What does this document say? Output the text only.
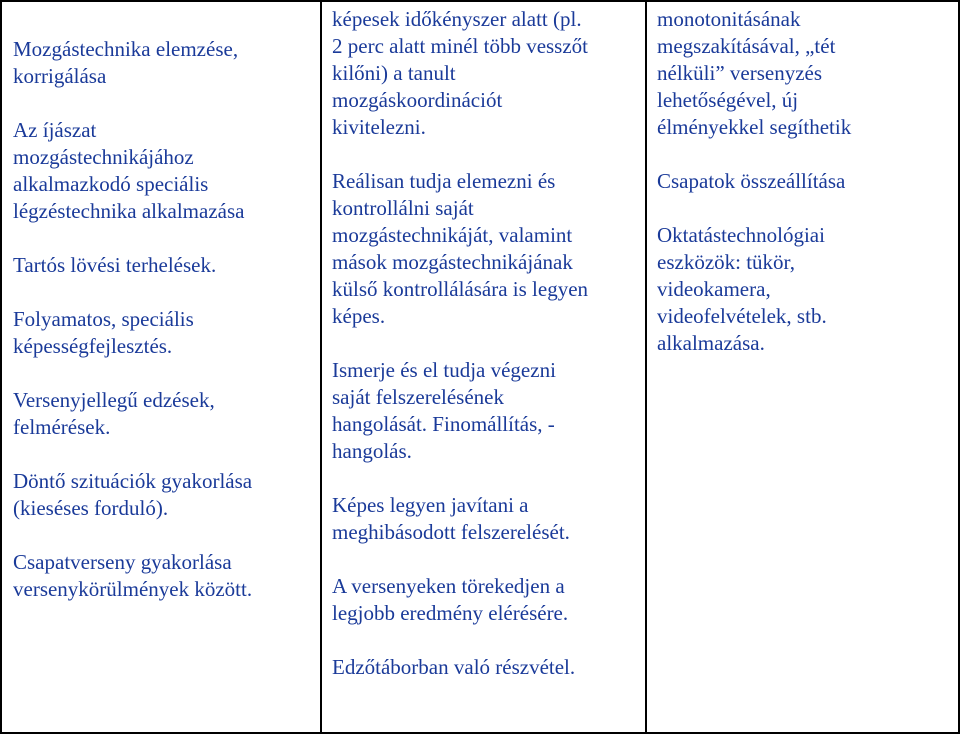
Mozgástechnika elemzése,
korrigálása

Az íjászat
mozgástechnikájához
alkalmazkodó speciális
légzéstechnika alkalmazása

Tartós lövési terhelések.

Folyamatos, speciális
képességfejlesztés.

Versenyjellegű edzések,
felmérések.

Döntő szituációk gyakorlása
(kieséses forduló).

Csapatverseny gyakorlása
versenykörülmények között.

képesek időkényszer alatt (pl.
2 perc alatt minél több vesszőt
kilőni) a tanult
mozgáskoordinációt
kivitelezni.

Reálisan tudja elemezni és
kontrollálni saját
mozgástechnikáját, valamint
mások mozgástechnikájának
külső kontrollálására is legyen
képes.

Ismerje és el tudja végezni
saját felszerelésének
hangolását. Finomállítás, -
hangolás.

Képes legyen javítani a
meghibásodott felszerelését.

A versenyeken törekedjen a
legjobb eredmény elérésére.

Edzőtáborban való részvétel.

monotonitásának
megszakításával, „tét
nélküli” versenyzés
lehetőségével, új
élményekkel segíthetik

Csapatok összeállítása

Oktatástechnológiai
eszközök: tükör,
videokamera,
videofelvételek, stb.
alkalmazása.
